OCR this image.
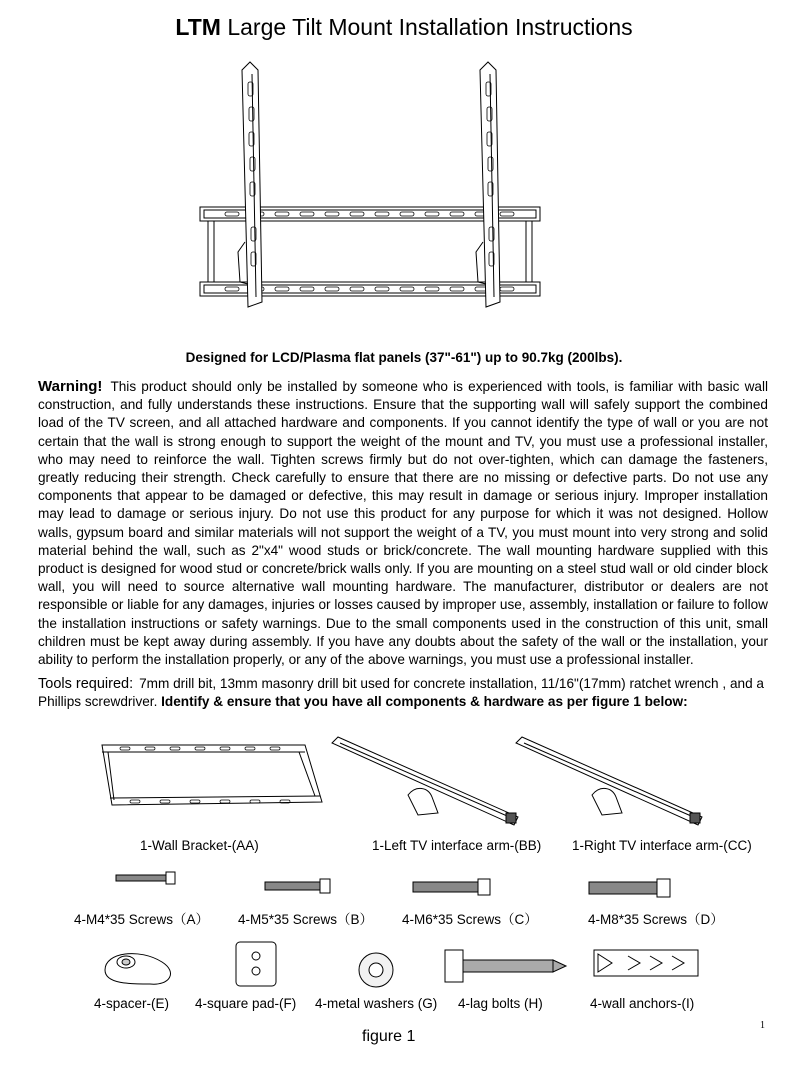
LTM Large Tilt Mount Installation Instructions
Designed for LCD/Plasma flat panels (37"-61") up to 90.7kg (200lbs).
Warning! This product should only be installed by someone who is experienced with tools, is familiar with basic wall construction, and fully understands these instructions. Ensure that the supporting wall will safely support the combined load of the TV screen, and all attached hardware and components. If you cannot identify the type of wall or you are not certain that the wall is strong enough to support the weight of the mount and TV, you must use a professional installer, who may need to reinforce the wall. Tighten screws firmly but do not over-tighten, which can damage the fasteners, greatly reducing their strength. Check carefully to ensure that there are no missing or defective parts. Do not use any components that appear to be damaged or defective, this may result in damage or serious injury. Improper installation may lead to damage or serious injury. Do not use this product for any purpose for which it was not designed. Hollow walls, gypsum board and similar materials will not support the weight of a TV, you must mount into very strong and solid material behind the wall, such as 2"x4" wood studs or brick/concrete. The wall mounting hardware supplied with this product is designed for wood stud or concrete/brick walls only. If you are mounting on a steel stud wall or old cinder block wall, you will need to source alternative wall mounting hardware. The manufacturer, distributor or dealers are not responsible or liable for any damages, injuries or losses caused by improper use, assembly, installation or failure to follow the installation instructions or safety warnings. Due to the small components used in the construction of this unit, small children must be kept away during assembly. If you have any doubts about the safety of the wall or the installation, your ability to perform the installation properly, or any of the above warnings, you must use a professional installer.
Tools required: 7mm drill bit, 13mm masonry drill bit used for concrete installation, 11/16"(17mm) ratchet wrench , and a Phillips screwdriver. Identify & ensure that you have all components & hardware as per figure 1 below:
1-Wall Bracket-(AA)	1-Left TV interface arm-(BB) 1-Right TV interface arm-(CC)
4-M4*35 Screws（A） 4-M5*35 Screws（B） 4-M6*35 Screws（C）	4-M8*35 Screws（D）
4-spacer-(E) 4-square pad-(F) 4-metal washers (G) 4-lag bolts (H)	4-wall anchors-(I)
1
figure 1
